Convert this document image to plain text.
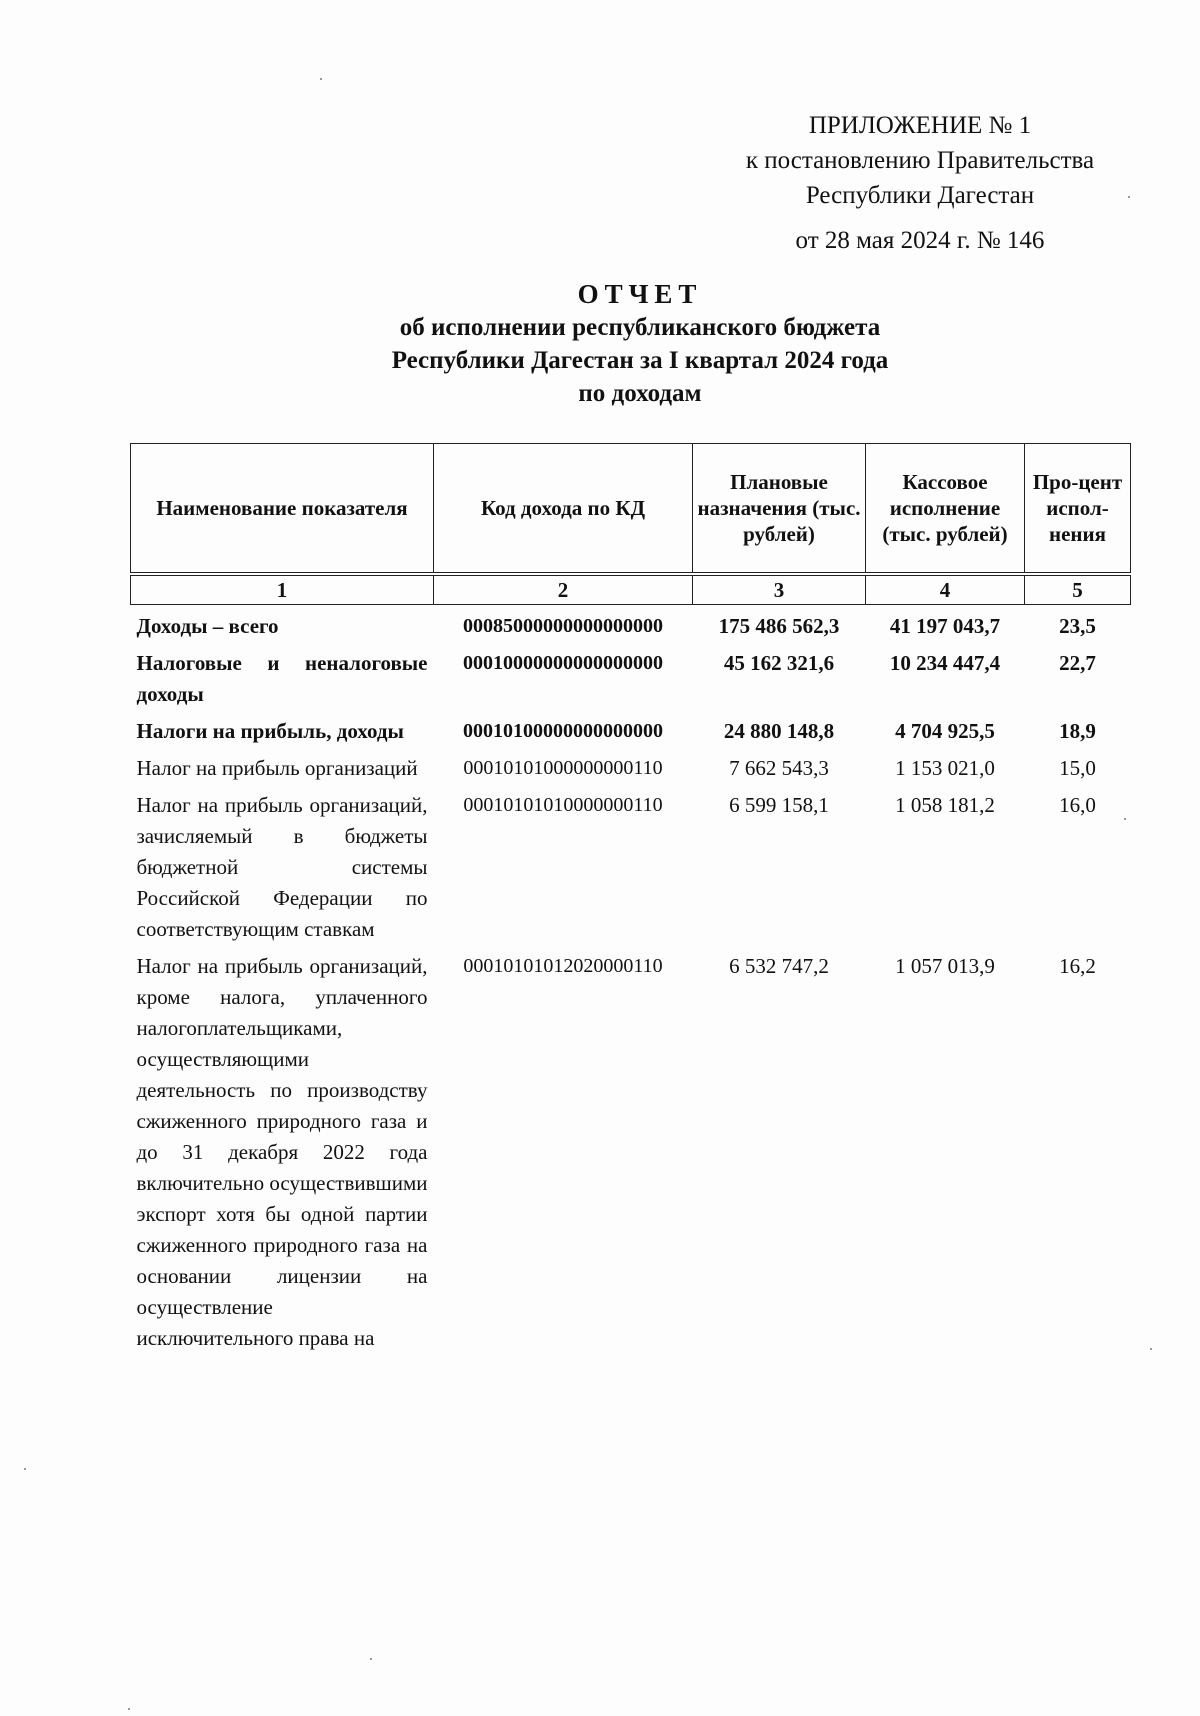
ПРИЛОЖЕНИЕ № 1
к постановлению Правительства
Республики Дагестан
от 28 мая 2024 г. № 146
ОТЧЕТ
об исполнении республиканского бюджета
Республики Дагестан за I квартал 2024 года
по доходам
Наименование показателя	Код дохода по КД	Плановые назначения (тыс. рублей)	Кассовое исполнение (тыс. рублей)	Про-цент испол-нения
1	2	3	4	5
Доходы – всего	00085000000000000000	175 486 562,3	41 197 043,7	23,5
Налоговые и неналоговые доходы	00010000000000000000	45 162 321,6	10 234 447,4	22,7
Налоги на прибыль, доходы	00010100000000000000	24 880 148,8	4 704 925,5	18,9
Налог на прибыль организаций	00010101000000000110	7 662 543,3	1 153 021,0	15,0
Налог на прибыль организаций, зачисляемый в бюджеты бюджетной системы Российской Федерации по соответствующим ставкам	00010101010000000110	6 599 158,1	1 058 181,2	16,0
Налог на прибыль организаций, кроме налога, уплаченного налогоплательщиками, осуществляющими деятельность по производству сжиженного природного газа и до 31 декабря 2022 года включительно осуществившими экспорт хотя бы одной партии сжиженного природного газа на основании лицензии на осуществление исключительного права на	00010101012020000110	6 532 747,2	1 057 013,9	16,2
